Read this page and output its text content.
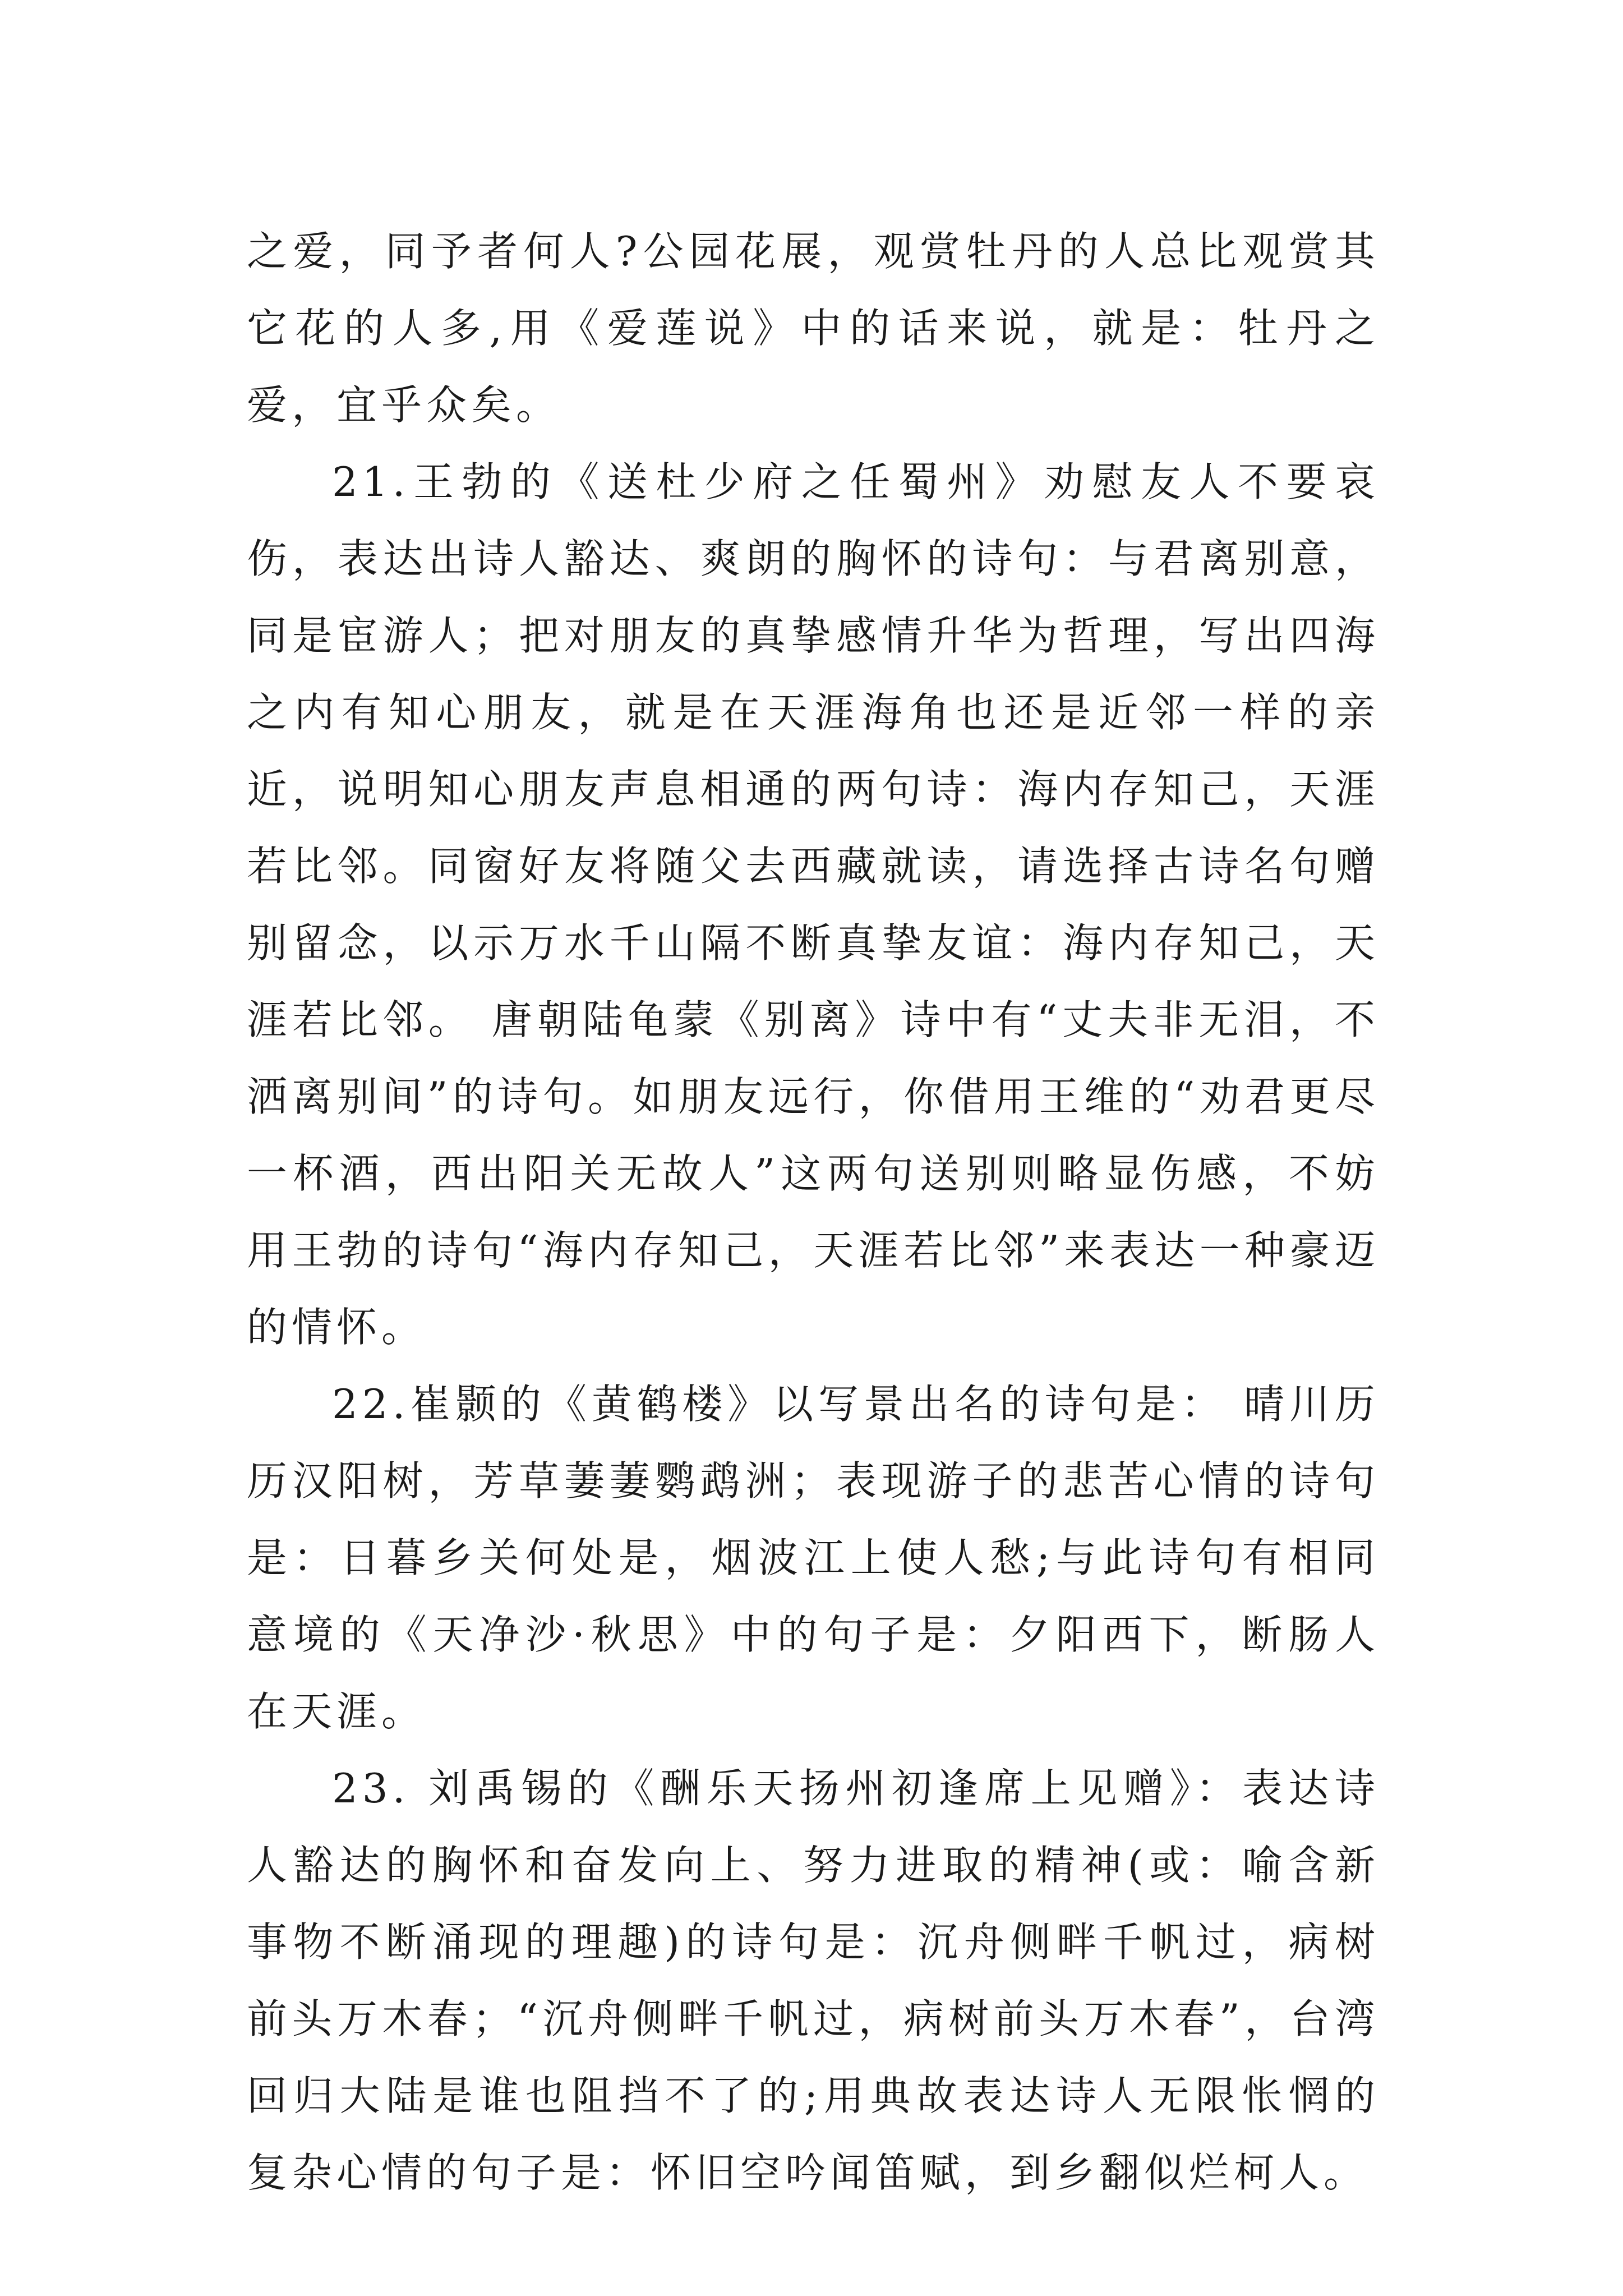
之爱，同予者何人?公园花展，观赏牡丹的人总比观赏其它花的人多,用《爱莲说》中的话来说，就是：牡丹之爱，宜乎众矣。

21.王勃的《送杜少府之任蜀州》劝慰友人不要哀伤，表达出诗人豁达、爽朗的胸怀的诗句：与君离别意，同是宦游人；把对朋友的真挚感情升华为哲理，写出四海之内有知心朋友，就是在天涯海角也还是近邻一样的亲近，说明知心朋友声息相通的两句诗：海内存知己，天涯若比邻。同窗好友将随父去西藏就读，请选择古诗名句赠别留念，以示万水千山隔不断真挚友谊：海内存知己，天涯若比邻。 唐朝陆龟蒙《别离》诗中有“丈夫非无泪，不洒离别间”的诗句。如朋友远行，你借用王维的“劝君更尽一杯酒，西出阳关无故人”这两句送别则略显伤感，不妨用王勃的诗句“海内存知己，天涯若比邻”来表达一种豪迈的情怀。

22.崔颢的《黄鹤楼》以写景出名的诗句是： 晴川历历汉阳树，芳草萋萋鹦鹉洲；表现游子的悲苦心情的诗句是：日暮乡关何处是，烟波江上使人愁;与此诗句有相同意境的《天净沙·秋思》中的句子是：夕阳西下，断肠人在天涯。

23. 刘禹锡的《酬乐天扬州初逢席上见赠》：表达诗人豁达的胸怀和奋发向上、努力进取的精神(或：喻含新事物不断涌现的理趣)的诗句是：沉舟侧畔千帆过，病树前头万木春；“沉舟侧畔千帆过，病树前头万木春”，台湾回归大陆是谁也阻挡不了的;用典故表达诗人无限怅惘的复杂心情的句子是：怀旧空吟闻笛赋，到乡翻似烂柯人。
